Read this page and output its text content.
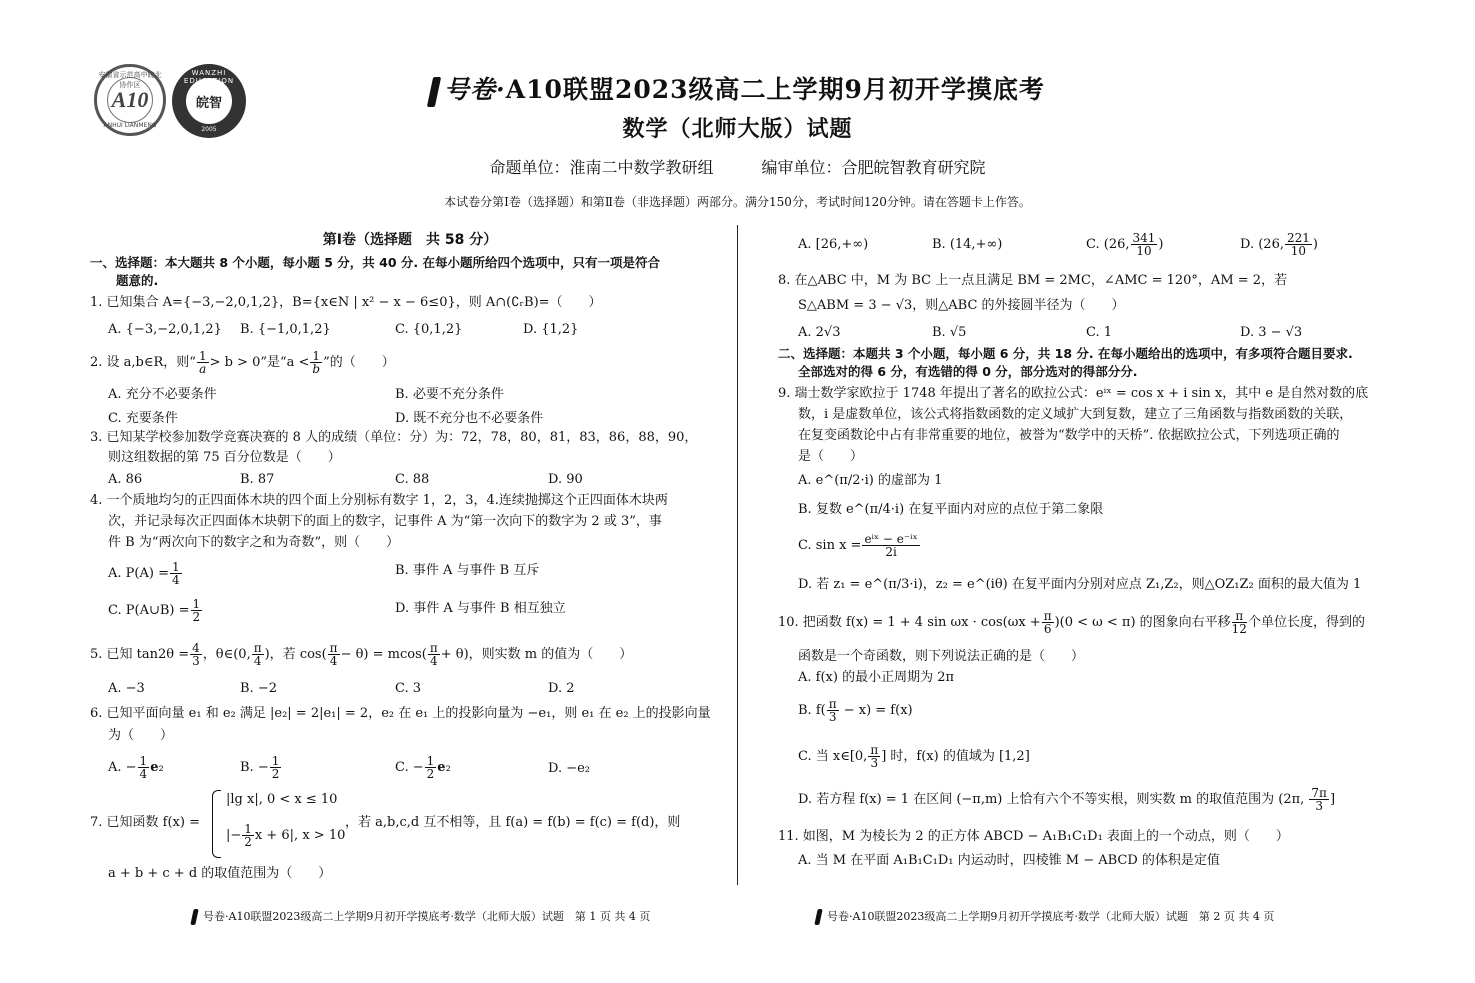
安徽省示范高中皖北协作区
A10
ANHUI LIANMENG
WANZHI EDUCATION
皖智
2005
号卷·A10联盟2023级高二上学期9月初开学摸底考
数学（北师大版）试题
命题单位：淮南二中数学教研组	编审单位：合肥皖智教育研究院
本试卷分第Ⅰ卷（选择题）和第Ⅱ卷（非选择题）两部分。满分150分，考试时间120分钟。请在答题卡上作答。
第Ⅰ卷（选择题　共 58 分）
一、选择题：本大题共 8 个小题，每小题 5 分，共 40 分. 在每小题所给四个选项中，只有一项是符合
题意的.
1. 已知集合 A={−3,−2,0,1,2}，B={x∈N | x² − x − 6≤0}，则 A∩(∁ᵣB)=（　　）
A. {−3,−2,0,1,2} B. {−1,0,1,2}	C. {0,1,2}	D. {1,2}
2. 设 a,b∈R，则“ $\frac{1}{a} > b > 0$”是“$a < \frac{1}{b}$ ”的（　　）
A. 充分不必要条件	B. 必要不充分条件
C. 充要条件	D. 既不充分也不必要条件
3. 已知某学校参加数学竞赛决赛的 8 人的成绩（单位：分）为：72，78，80，81，83，86，88，90，
则这组数据的第 75 百分位数是（　　）
A. 86	B. 87	C. 88	D. 90
4. 一个质地均匀的正四面体木块的四个面上分别标有数字 1，2，3，4.连续抛掷这个正四面体木块两
次，并记录每次正四面体木块朝下的面上的数字，记事件 A 为“第一次向下的数字为 2 或 3”，事
件 B 为“两次向下的数字之和为奇数”，则（　　）
A. $P(A) = \frac{1}{4}$	B. 事件 A 与事件 B 互斥
C. P(A∪B) = $\frac{1}{2}$	D. 事件 A 与事件 B 相互独立
5. 已知 $\tan 2\theta = \frac{4}{3}$ ，θ∈(0, $\frac{\pi}{4}$ )，若 $\cos( \frac{\pi}{4} - \theta) = mcos( \frac{\pi}{4} + \theta)$，则实数 m 的值为（　　）
A. −3	B. −2	C. 3	D. 2
6. 已知平面向量 e₁ 和 e₂ 满足 |e₂| = 2|e₁| = 2，e₂ 在 e₁ 上的投影向量为 −e₁，则 e₁ 在 e₂ 上的投影向量
为（　　）
A. − $\frac{1}{4} e_2$	B. − $\frac{1}{2}$	C. − $\frac{1}{2} e_2$	D. −e₂
7. 已知函数 f(x) =
|lg x|, 0 < x ≤ 10
|− $\frac{1}{2}$ x + 6|, x > 10
，若 a,b,c,d 互不相等，且 f(a) = f(b) = f(c) = f(d)，则
a + b + c + d 的取值范围为（　　）
A. [26,+∞)	B. (14,+∞)	C. (26, $\frac{341}{10}$ )	D. (26, $\frac{221}{10}$ )
8. 在△ABC 中，M 为 BC 上一点且满足 BM = 2MC，∠AMC = 120°，AM = 2，若
S△ABM = 3 − √3，则△ABC 的外接圆半径为（　　）
A. 2√3	B. √5	C. 1	D. 3 − √3
二、选择题：本题共 3 个小题，每小题 6 分，共 18 分. 在每小题给出的选项中，有多项符合题目要求.
全部选对的得 6 分，有选错的得 0 分，部分选对的得部分分.
9. 瑞士数学家欧拉于 1748 年提出了著名的欧拉公式：eⁱˣ = cos x + i sin x，其中 e 是自然对数的底
数，i 是虚数单位，该公式将指数函数的定义域扩大到复数，建立了三角函数与指数函数的关联，
在复变函数论中占有非常重要的地位，被誉为“数学中的天桥”. 依据欧拉公式，下列选项正确的
是（　　）
A. e^(π/2·i) 的虚部为 1
B. 复数 e^(π/4·i) 在复平面内对应的点位于第二象限
C. $\sin x = \frac{\text{eⁱˣ − e⁻ⁱˣ}}{2i}$
D. 若 z₁ = e^(π/3·i)，z₂ = e^(iθ) 在复平面内分别对应点 Z₁,Z₂，则△OZ₁Z₂ 面积的最大值为 1
10. 把函数 f(x) = 1 + 4 $\sin \omega x \cdot \cos(\omega x + \frac{\pi}{6} )(0 < \omega < \pi)$ 的图象向右平移 $\frac{\pi}{12}$ 个单位长度，得到的
函数是一个奇函数，则下列说法正确的是（　　）
A. f(x) 的最小正周期为 2π
B. $f( \frac{\pi}{3} - x) = f(x)$
C. 当 x∈[0, $\frac{\pi}{3}$ ] 时，f(x) 的值域为 [1,2]
D. 若方程 f(x) = 1 在区间 (−π,m) 上恰有六个不等实根，则实数 m 的取值范围为 (2π, $\frac{7\pi}{3}$ ]
11. 如图，M 为棱长为 2 的正方体 ABCD − A₁B₁C₁D₁ 表面上的一个动点，则（　　）
A. 当 M 在平面 A₁B₁C₁D₁ 内运动时，四棱锥 M − ABCD 的体积是定值
号卷·A10联盟2023级高二上学期9月初开学摸底考·数学（北师大版）试题　第 1 页 共 4 页	号卷·A10联盟2023级高二上学期9月初开学摸底考·数学（北师大版）试题　第 2 页 共 4 页
